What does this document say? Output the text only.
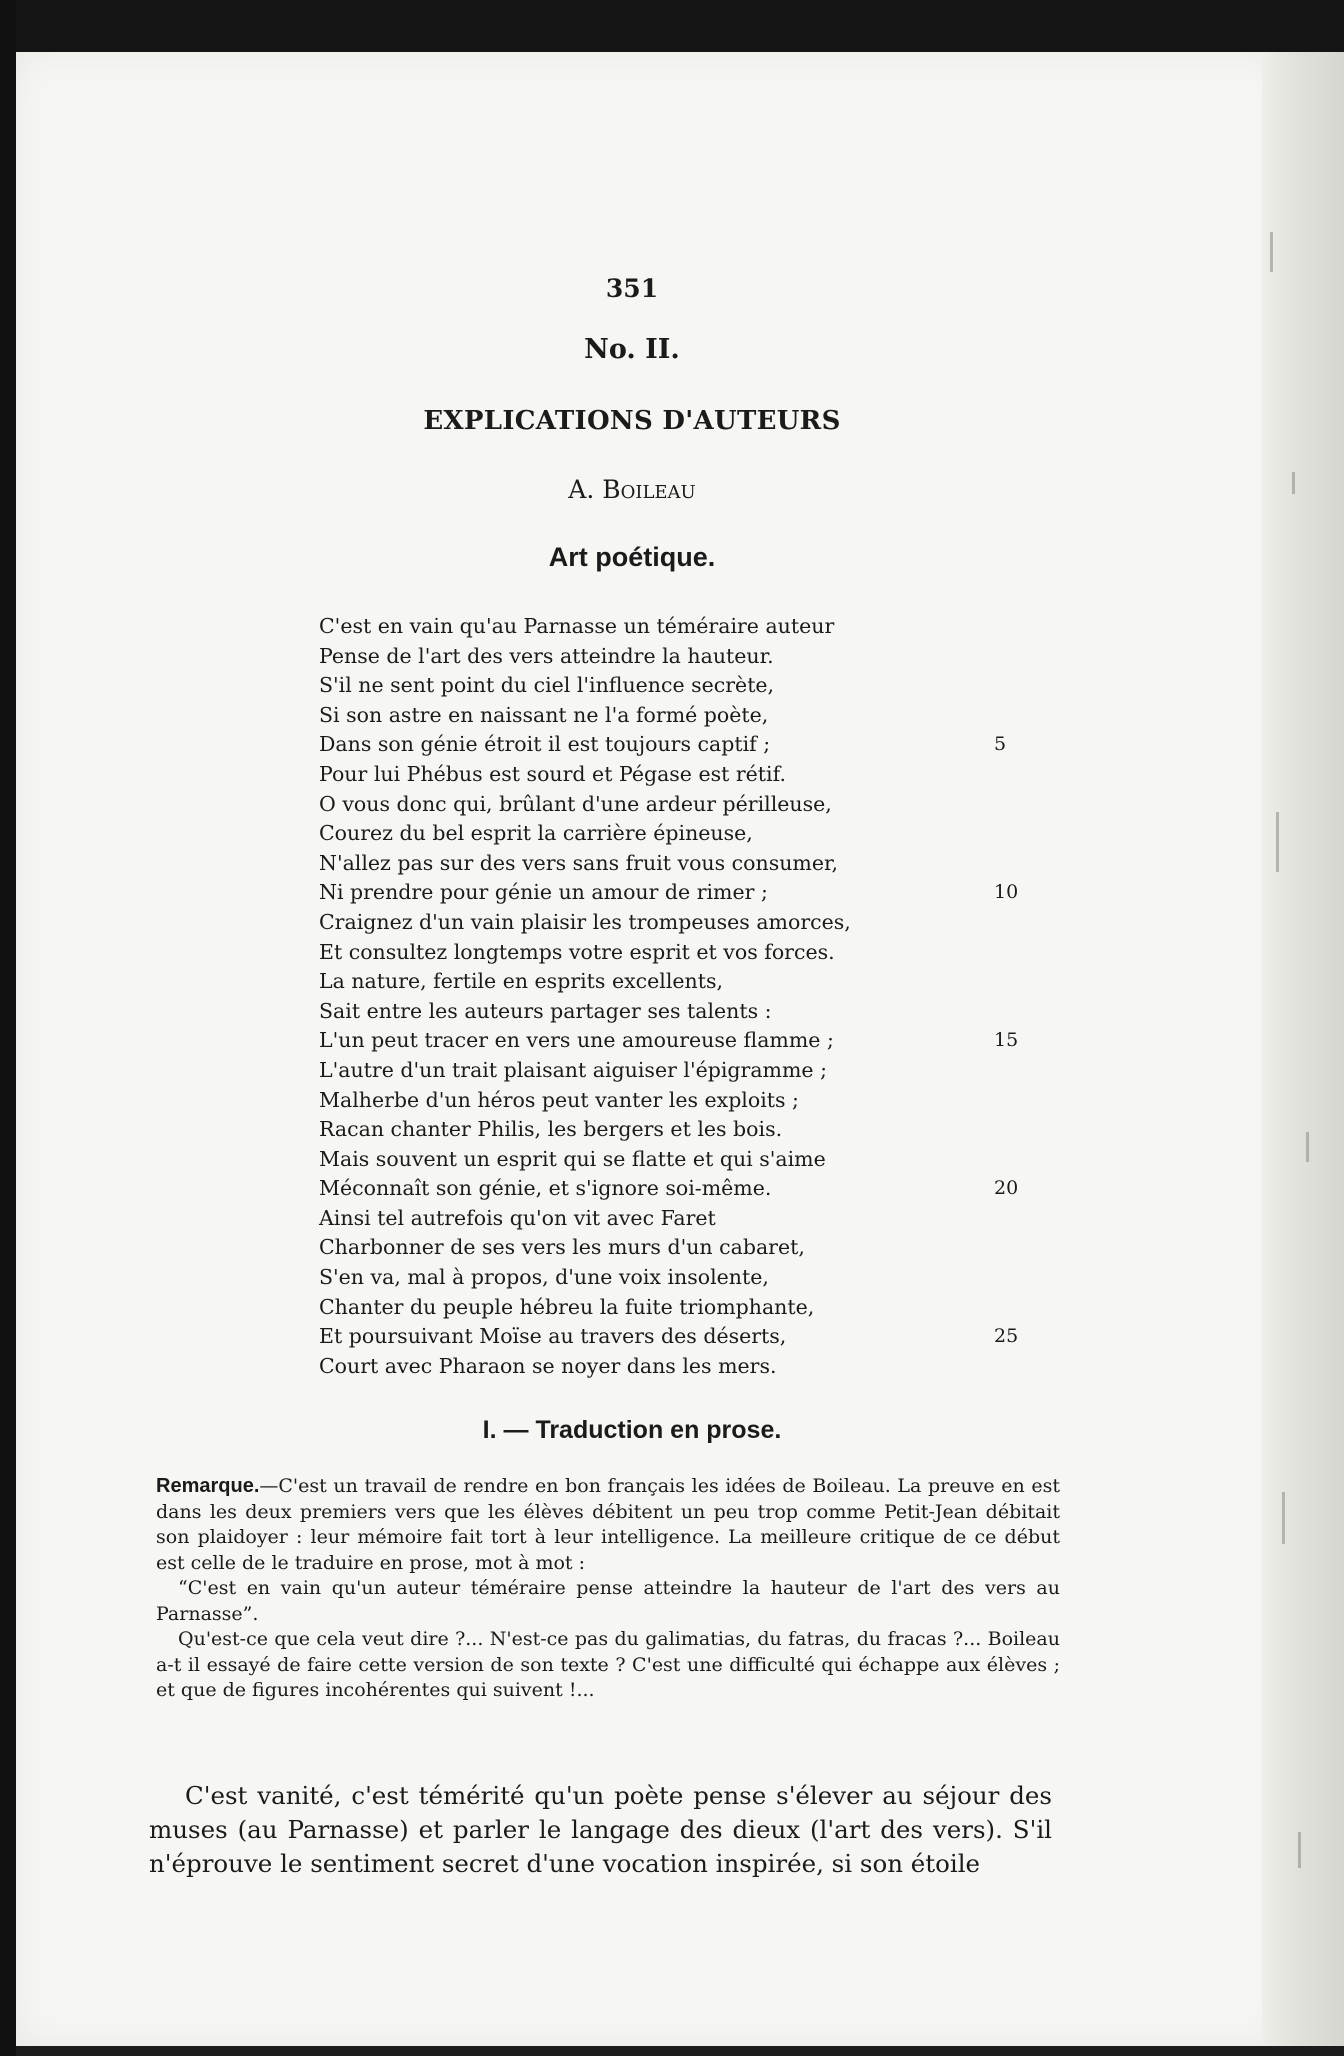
351
No. II.
EXPLICATIONS D'AUTEURS
A. Boileau
Art poétique.
C'est en vain qu'au Parnasse un téméraire auteur
Pense de l'art des vers atteindre la hauteur.
S'il ne sent point du ciel l'influence secrète,
Si son astre en naissant ne l'a formé poète,
Dans son génie étroit il est toujours captif ;	5
Pour lui Phébus est sourd et Pégase est rétif.
O vous donc qui, brûlant d'une ardeur périlleuse,
Courez du bel esprit la carrière épineuse,
N'allez pas sur des vers sans fruit vous consumer,
Ni prendre pour génie un amour de rimer ;	10
Craignez d'un vain plaisir les trompeuses amorces,
Et consultez longtemps votre esprit et vos forces.
La nature, fertile en esprits excellents,
Sait entre les auteurs partager ses talents :
L'un peut tracer en vers une amoureuse flamme ;	15
L'autre d'un trait plaisant aiguiser l'épigramme ;
Malherbe d'un héros peut vanter les exploits ;
Racan chanter Philis, les bergers et les bois.
Mais souvent un esprit qui se flatte et qui s'aime
Méconnaît son génie, et s'ignore soi-même.	20
Ainsi tel autrefois qu'on vit avec Faret
Charbonner de ses vers les murs d'un cabaret,
S'en va, mal à propos, d'une voix insolente,
Chanter du peuple hébreu la fuite triomphante,
Et poursuivant Moïse au travers des déserts,	25
Court avec Pharaon se noyer dans les mers.
I. — Traduction en prose.

Remarque.—C'est un travail de rendre en bon français les idées de Boileau. La preuve en est dans les deux premiers vers que les élèves débitent un peu trop comme Petit-Jean débitait son plaidoyer : leur mémoire fait tort à leur intelligence. La meilleure critique de ce début est celle de le traduire en prose, mot à mot :

“C'est en vain qu'un auteur téméraire pense atteindre la hauteur de l'art des vers au Parnasse”.

Qu'est-ce que cela veut dire ?... N'est-ce pas du galimatias, du fatras, du fracas ?... Boileau a-t il essayé de faire cette version de son texte ? C'est une difficulté qui échappe aux élèves ; et que de figures incohérentes qui suivent !...

C'est vanité, c'est témérité qu'un poète pense s'élever au séjour des muses (au Parnasse) et parler le langage des dieux (l'art des vers). S'il n'éprouve le sentiment secret d'une vocation inspirée, si son étoile
